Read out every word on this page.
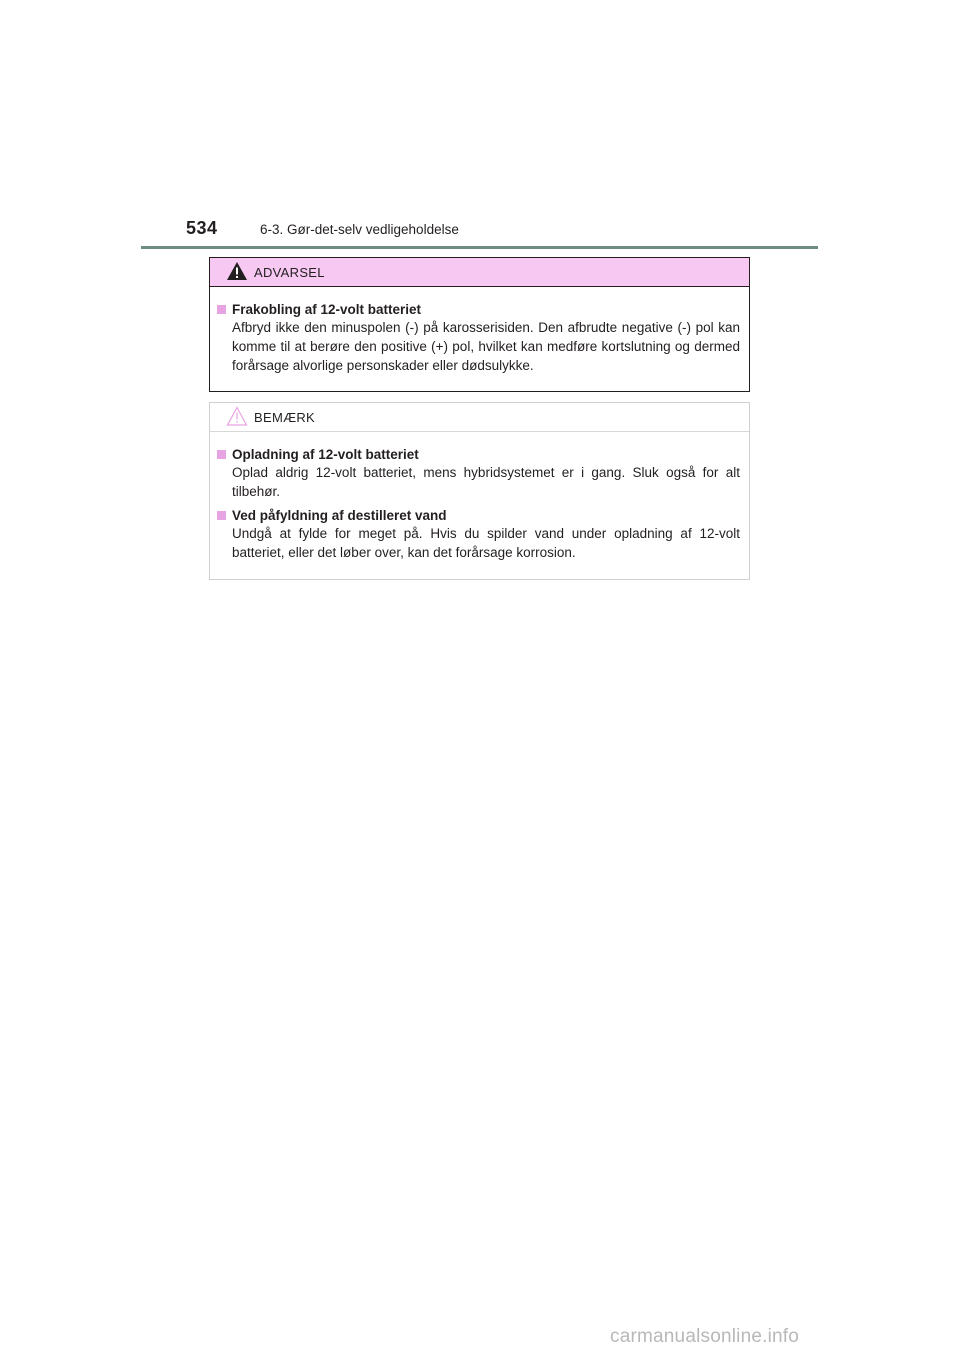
534	6-3. Gør-det-selv vedligeholdelse
ADVARSEL
Frakobling af 12-volt batteriet
Afbryd ikke den minuspolen (-) på karosserisiden. Den afbrudte negative (-) pol kan komme til at berøre den positive (+) pol, hvilket kan medføre kortslutning og dermed forårsage alvorlige personskader eller dødsulykke.
BEMÆRK
Opladning af 12-volt batteriet
Oplad aldrig 12-volt batteriet, mens hybridsystemet er i gang. Sluk også for alt tilbehør.
Ved påfyldning af destilleret vand
Undgå at fylde for meget på. Hvis du spilder vand under opladning af 12-volt batteriet, eller det løber over, kan det forårsage korrosion.
carmanualsonline.info
